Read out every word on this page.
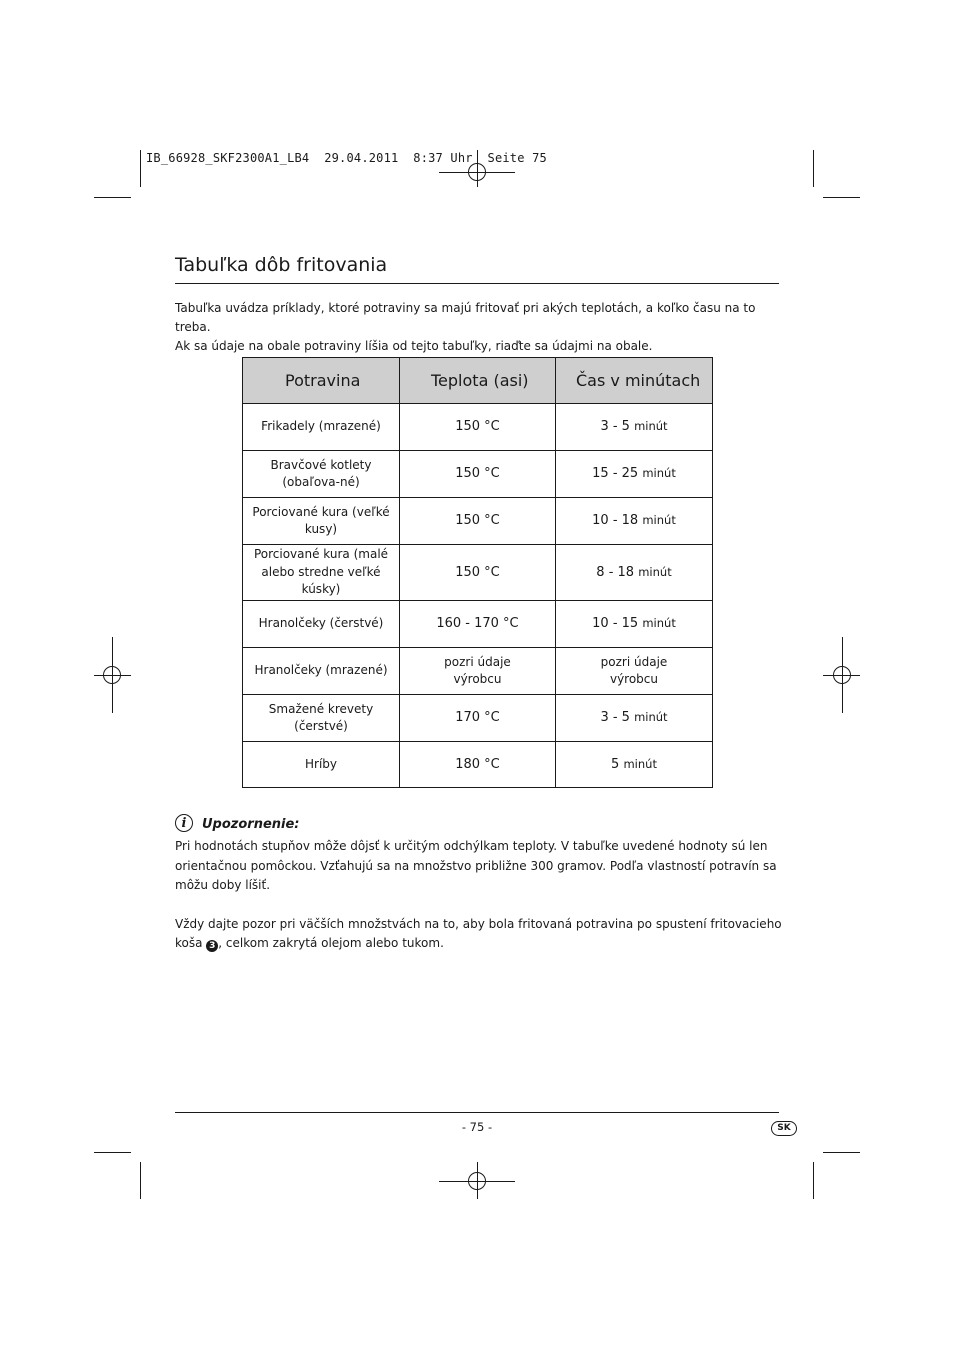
IB_66928_SKF2300A1_LB4  29.04.2011  8:37 Uhr  Seite 75
Tabuľka dôb fritovania

Tabuľka uvádza príklady, ktoré potraviny sa majú fritovať pri akých teplotách, a koľko času na to treba.

Ak sa údaje na obale potraviny líšia od tejto tabuľky, riaďte sa údajmi na obale.

Potravina	Teplota (asi)	Čas v minútach

Frikadely (mrazené)	150 °C	3 - 5 minút
Bravčové kotlety (obaľova-né)	150 °C	15 - 25 minút
Porciované kura (veľké kusy)	150 °C	10 - 18 minút
Porciované kura (malé alebo stredne veľké kúsky)	150 °C	8 - 18 minút
Hranolčeky (čerstvé)	160 - 170 °C	10 - 15 minút
Hranolčeky (mrazené)	pozri údaje výrobcu	pozri údaje výrobcu
Smažené krevety (čerstvé)	170 °C	3 - 5 minút
Hríby	180 °C	5 minút
i	Upozornenie:

Pri hodnotách stupňov môže dôjsť k určitým odchýlkam teploty. V tabuľke uvedené hodnoty sú len orientačnou pomôckou. Vzťahujú sa na množstvo približne 300 gramov. Podľa vlastností potravín sa môžu doby líšiť.

Vždy dajte pozor pri väčších množstvách na to, aby bola fritovaná potravina po spustení fritovacieho koša 3 , celkom zakrytá olejom alebo tukom.

- 75 -	SK
